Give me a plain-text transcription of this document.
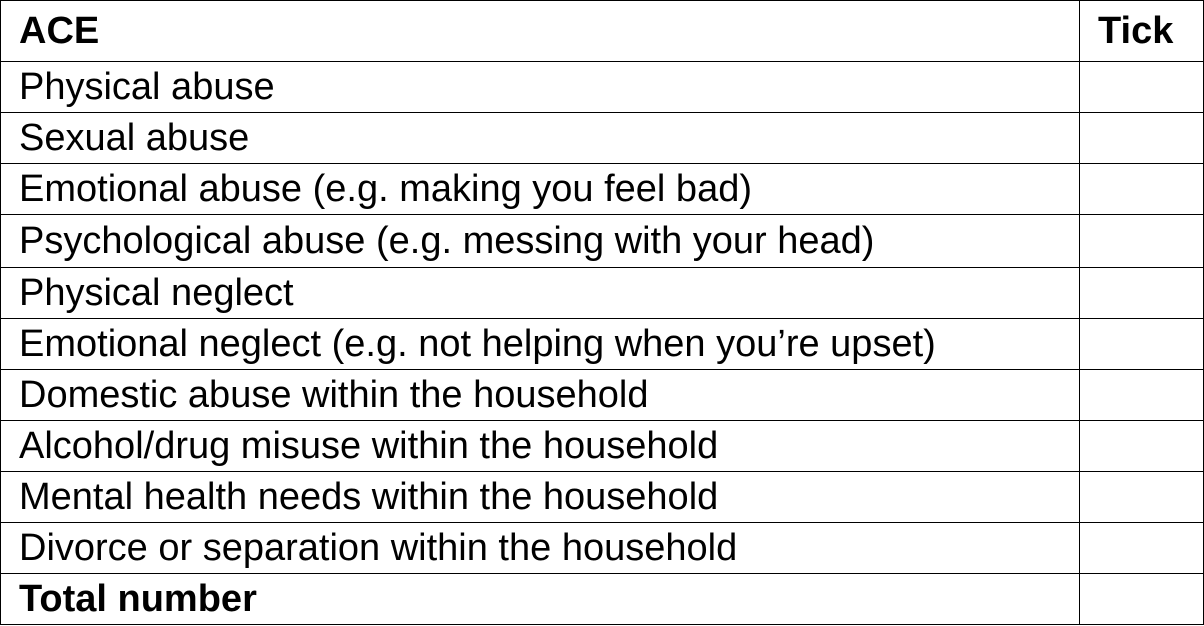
ACE	Tick
Physical abuse	
Sexual abuse	
Emotional abuse (e.g. making you feel bad)	
Psychological abuse (e.g. messing with your head)	
Physical neglect	
Emotional neglect (e.g. not helping when you’re upset)	
Domestic abuse within the household	
Alcohol/drug misuse within the household	
Mental health needs within the household	
Divorce or separation within the household	
Total number	
